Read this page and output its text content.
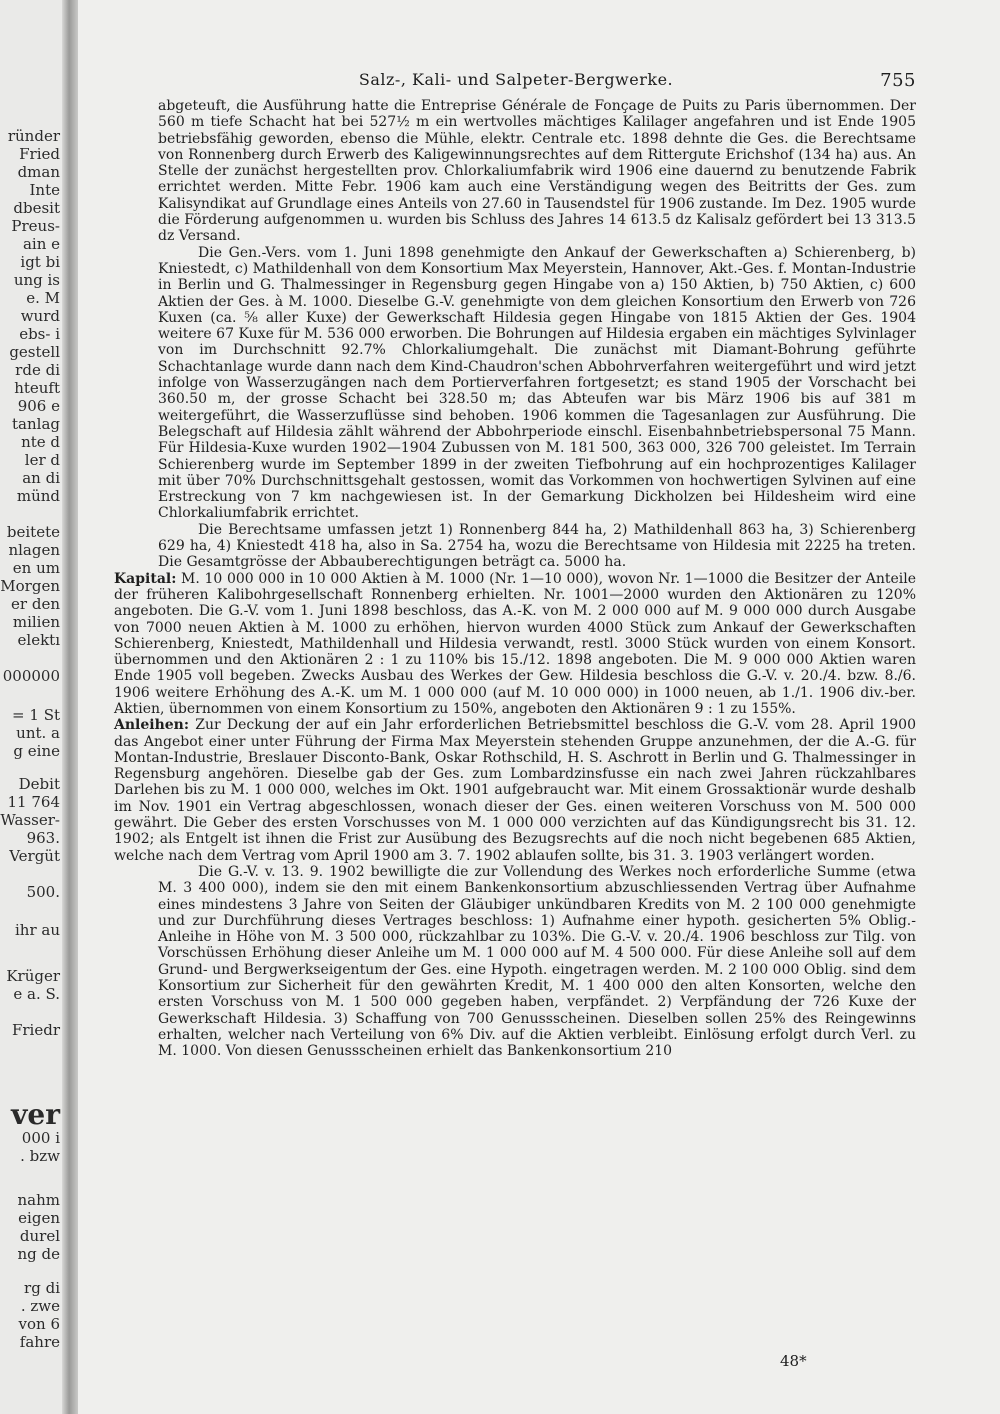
ründer
Fried
dman
Inte
dbesit
Preus-
ain e
igt bi
ung is
e. M
wurd
ebs- i
gestell
rde di
hteuft
906 e
tanlag
nte d
ler d
an di
münd
beitete
nlagen
en um
Morgen
er den
milien
elektı
000000
= 1 St
unt. a
g eine
Debit
11 764
Wasser-
963.
Vergüt
500.
ihr au
Krüger
e a. S.
Friedr
ver
000 i
. bzw
nahm
eigen
durel
ng de
rg di
. zwe
von 6
fahre
Salz-, Kali- und Salpeter-Bergwerke.	755

abgeteuft, die Ausführung hatte die Entreprise Générale de Fonçage de Puits zu Paris übernommen. Der 560 m tiefe Schacht hat bei 527½ m ein wertvolles mächtiges Kalilager angefahren und ist Ende 1905 betriebsfähig geworden, ebenso die Mühle, elektr. Centrale etc. 1898 dehnte die Ges. die Berechtsame von Ronnenberg durch Erwerb des Kaligewinnungsrechtes auf dem Rittergute Erichshof (134 ha) aus. An Stelle der zunächst hergestellten prov. Chlorkaliumfabrik wird 1906 eine dauernd zu benutzende Fabrik errichtet werden. Mitte Febr. 1906 kam auch eine Verständigung wegen des Beitritts der Ges. zum Kalisyndikat auf Grundlage eines Anteils von 27.60 in Tausendstel für 1906 zustande. Im Dez. 1905 wurde die Förderung aufgenommen u. wurden bis Schluss des Jahres 14 613.5 dz Kalisalz gefördert bei 13 313.5 dz Versand.

Die Gen.-Vers. vom 1. Juni 1898 genehmigte den Ankauf der Gewerkschaften a) Schierenberg, b) Kniestedt, c) Mathildenhall von dem Konsortium Max Meyerstein, Hannover, Akt.-Ges. f. Montan-Industrie in Berlin und G. Thalmessinger in Regensburg gegen Hingabe von a) 150 Aktien, b) 750 Aktien, c) 600 Aktien der Ges. à M. 1000. Dieselbe G.-V. genehmigte von dem gleichen Konsortium den Erwerb von 726 Kuxen (ca. ⁵⁄₈ aller Kuxe) der Gewerkschaft Hildesia gegen Hingabe von 1815 Aktien der Ges. 1904 weitere 67 Kuxe für M. 536 000 erworben. Die Bohrungen auf Hildesia ergaben ein mächtiges Sylvinlager von im Durchschnitt 92.7% Chlorkaliumgehalt. Die zunächst mit Diamant-Bohrung geführte Schachtanlage wurde dann nach dem Kind-Chaudron'schen Abbohrverfahren weitergeführt und wird jetzt infolge von Wasserzugängen nach dem Portierverfahren fortgesetzt; es stand 1905 der Vorschacht bei 360.50 m, der grosse Schacht bei 328.50 m; das Abteufen war bis März 1906 bis auf 381 m weitergeführt, die Wasserzuflüsse sind behoben. 1906 kommen die Tagesanlagen zur Ausführung. Die Belegschaft auf Hildesia zählt während der Abbohrperiode einschl. Eisenbahnbetriebspersonal 75 Mann. Für Hildesia-Kuxe wurden 1902—1904 Zubussen von M. 181 500, 363 000, 326 700 geleistet. Im Terrain Schierenberg wurde im September 1899 in der zweiten Tiefbohrung auf ein hochprozentiges Kalilager mit über 70% Durchschnittsgehalt gestossen, womit das Vorkommen von hochwertigen Sylvinen auf eine Erstreckung von 7 km nachgewiesen ist. In der Gemarkung Dickholzen bei Hildesheim wird eine Chlorkaliumfabrik errichtet.

Die Berechtsame umfassen jetzt 1) Ronnenberg 844 ha, 2) Mathildenhall 863 ha, 3) Schierenberg 629 ha, 4) Kniestedt 418 ha, also in Sa. 2754 ha, wozu die Berechtsame von Hildesia mit 2225 ha treten. Die Gesamtgrösse der Abbauberechtigungen beträgt ca. 5000 ha.

Kapital: M. 10 000 000 in 10 000 Aktien à M. 1000 (Nr. 1—10 000), wovon Nr. 1—1000 die Besitzer der Anteile der früheren Kalibohrgesellschaft Ronnenberg erhielten. Nr. 1001—2000 wurden den Aktionären zu 120% angeboten. Die G.-V. vom 1. Juni 1898 beschloss, das A.-K. von M. 2 000 000 auf M. 9 000 000 durch Ausgabe von 7000 neuen Aktien à M. 1000 zu erhöhen, hiervon wurden 4000 Stück zum Ankauf der Gewerkschaften Schierenberg, Kniestedt, Mathildenhall und Hildesia verwandt, restl. 3000 Stück wurden von einem Konsort. übernommen und den Aktionären 2 : 1 zu 110% bis 15./12. 1898 angeboten. Die M. 9 000 000 Aktien waren Ende 1905 voll begeben. Zwecks Ausbau des Werkes der Gew. Hildesia beschloss die G.-V. v. 20./4. bzw. 8./6. 1906 weitere Erhöhung des A.-K. um M. 1 000 000 (auf M. 10 000 000) in 1000 neuen, ab 1./1. 1906 div.-ber. Aktien, übernommen von einem Konsortium zu 150%, angeboten den Aktionären 9 : 1 zu 155%.

Anleihen: Zur Deckung der auf ein Jahr erforderlichen Betriebsmittel beschloss die G.-V. vom 28. April 1900 das Angebot einer unter Führung der Firma Max Meyerstein stehenden Gruppe anzunehmen, der die A.-G. für Montan-Industrie, Breslauer Disconto-Bank, Oskar Rothschild, H. S. Aschrott in Berlin und G. Thalmessinger in Regensburg angehören. Dieselbe gab der Ges. zum Lombardzinsfusse ein nach zwei Jahren rückzahlbares Darlehen bis zu M. 1 000 000, welches im Okt. 1901 aufgebraucht war. Mit einem Grossaktionär wurde deshalb im Nov. 1901 ein Vertrag abgeschlossen, wonach dieser der Ges. einen weiteren Vorschuss von M. 500 000 gewährt. Die Geber des ersten Vorschusses von M. 1 000 000 verzichten auf das Kündigungsrecht bis 31. 12. 1902; als Entgelt ist ihnen die Frist zur Ausübung des Bezugsrechts auf die noch nicht begebenen 685 Aktien, welche nach dem Vertrag vom April 1900 am 3. 7. 1902 ablaufen sollte, bis 31. 3. 1903 verlängert worden.

Die G.-V. v. 13. 9. 1902 bewilligte die zur Vollendung des Werkes noch erforderliche Summe (etwa M. 3 400 000), indem sie den mit einem Bankenkonsortium abzuschliessenden Vertrag über Aufnahme eines mindestens 3 Jahre von Seiten der Gläubiger unkündbaren Kredits von M. 2 100 000 genehmigte und zur Durchführung dieses Vertrages beschloss: 1) Aufnahme einer hypoth. gesicherten 5% Oblig.-Anleihe in Höhe von M. 3 500 000, rückzahlbar zu 103%. Die G.-V. v. 20./4. 1906 beschloss zur Tilg. von Vorschüssen Erhöhung dieser Anleihe um M. 1 000 000 auf M. 4 500 000. Für diese Anleihe soll auf dem Grund- und Bergwerkseigentum der Ges. eine Hypoth. eingetragen werden. M. 2 100 000 Oblig. sind dem Konsortium zur Sicherheit für den gewährten Kredit, M. 1 400 000 den alten Konsorten, welche den ersten Vorschuss von M. 1 500 000 gegeben haben, verpfändet. 2) Verpfändung der 726 Kuxe der Gewerkschaft Hildesia. 3) Schaffung von 700 Genussscheinen. Dieselben sollen 25% des Reingewinns erhalten, welcher nach Verteilung von 6% Div. auf die Aktien verbleibt. Einlösung erfolgt durch Verl. zu M. 1000. Von diesen Genussscheinen erhielt das Bankenkonsortium 210

48*
